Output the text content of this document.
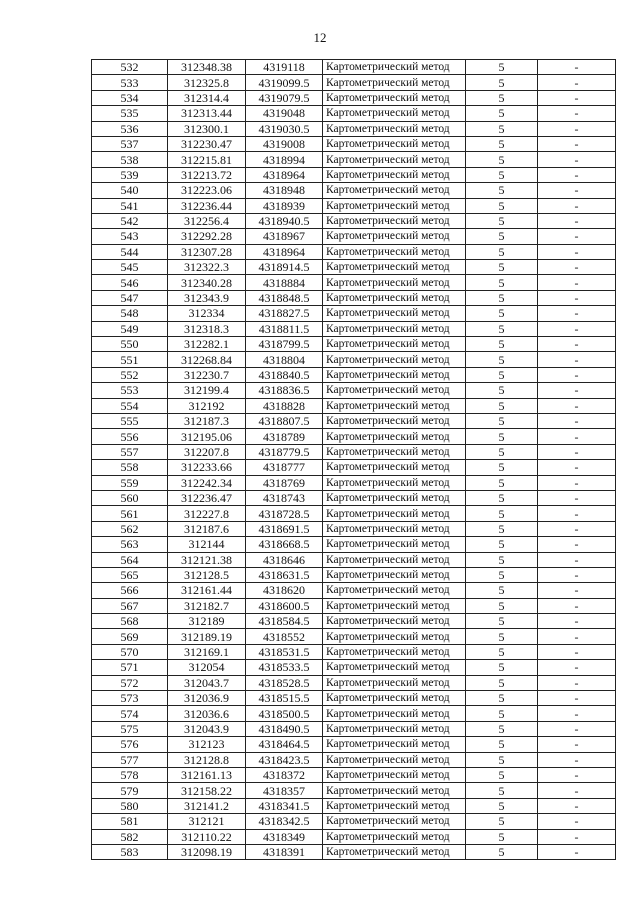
12
532	312348.38	4319118	Картометрический метод	5	-
533	312325.8	4319099.5	Картометрический метод	5	-
534	312314.4	4319079.5	Картометрический метод	5	-
535	312313.44	4319048	Картометрический метод	5	-
536	312300.1	4319030.5	Картометрический метод	5	-
537	312230.47	4319008	Картометрический метод	5	-
538	312215.81	4318994	Картометрический метод	5	-
539	312213.72	4318964	Картометрический метод	5	-
540	312223.06	4318948	Картометрический метод	5	-
541	312236.44	4318939	Картометрический метод	5	-
542	312256.4	4318940.5	Картометрический метод	5	-
543	312292.28	4318967	Картометрический метод	5	-
544	312307.28	4318964	Картометрический метод	5	-
545	312322.3	4318914.5	Картометрический метод	5	-
546	312340.28	4318884	Картометрический метод	5	-
547	312343.9	4318848.5	Картометрический метод	5	-
548	312334	4318827.5	Картометрический метод	5	-
549	312318.3	4318811.5	Картометрический метод	5	-
550	312282.1	4318799.5	Картометрический метод	5	-
551	312268.84	4318804	Картометрический метод	5	-
552	312230.7	4318840.5	Картометрический метод	5	-
553	312199.4	4318836.5	Картометрический метод	5	-
554	312192	4318828	Картометрический метод	5	-
555	312187.3	4318807.5	Картометрический метод	5	-
556	312195.06	4318789	Картометрический метод	5	-
557	312207.8	4318779.5	Картометрический метод	5	-
558	312233.66	4318777	Картометрический метод	5	-
559	312242.34	4318769	Картометрический метод	5	-
560	312236.47	4318743	Картометрический метод	5	-
561	312227.8	4318728.5	Картометрический метод	5	-
562	312187.6	4318691.5	Картометрический метод	5	-
563	312144	4318668.5	Картометрический метод	5	-
564	312121.38	4318646	Картометрический метод	5	-
565	312128.5	4318631.5	Картометрический метод	5	-
566	312161.44	4318620	Картометрический метод	5	-
567	312182.7	4318600.5	Картометрический метод	5	-
568	312189	4318584.5	Картометрический метод	5	-
569	312189.19	4318552	Картометрический метод	5	-
570	312169.1	4318531.5	Картометрический метод	5	-
571	312054	4318533.5	Картометрический метод	5	-
572	312043.7	4318528.5	Картометрический метод	5	-
573	312036.9	4318515.5	Картометрический метод	5	-
574	312036.6	4318500.5	Картометрический метод	5	-
575	312043.9	4318490.5	Картометрический метод	5	-
576	312123	4318464.5	Картометрический метод	5	-
577	312128.8	4318423.5	Картометрический метод	5	-
578	312161.13	4318372	Картометрический метод	5	-
579	312158.22	4318357	Картометрический метод	5	-
580	312141.2	4318341.5	Картометрический метод	5	-
581	312121	4318342.5	Картометрический метод	5	-
582	312110.22	4318349	Картометрический метод	5	-
583	312098.19	4318391	Картометрический метод	5	-
